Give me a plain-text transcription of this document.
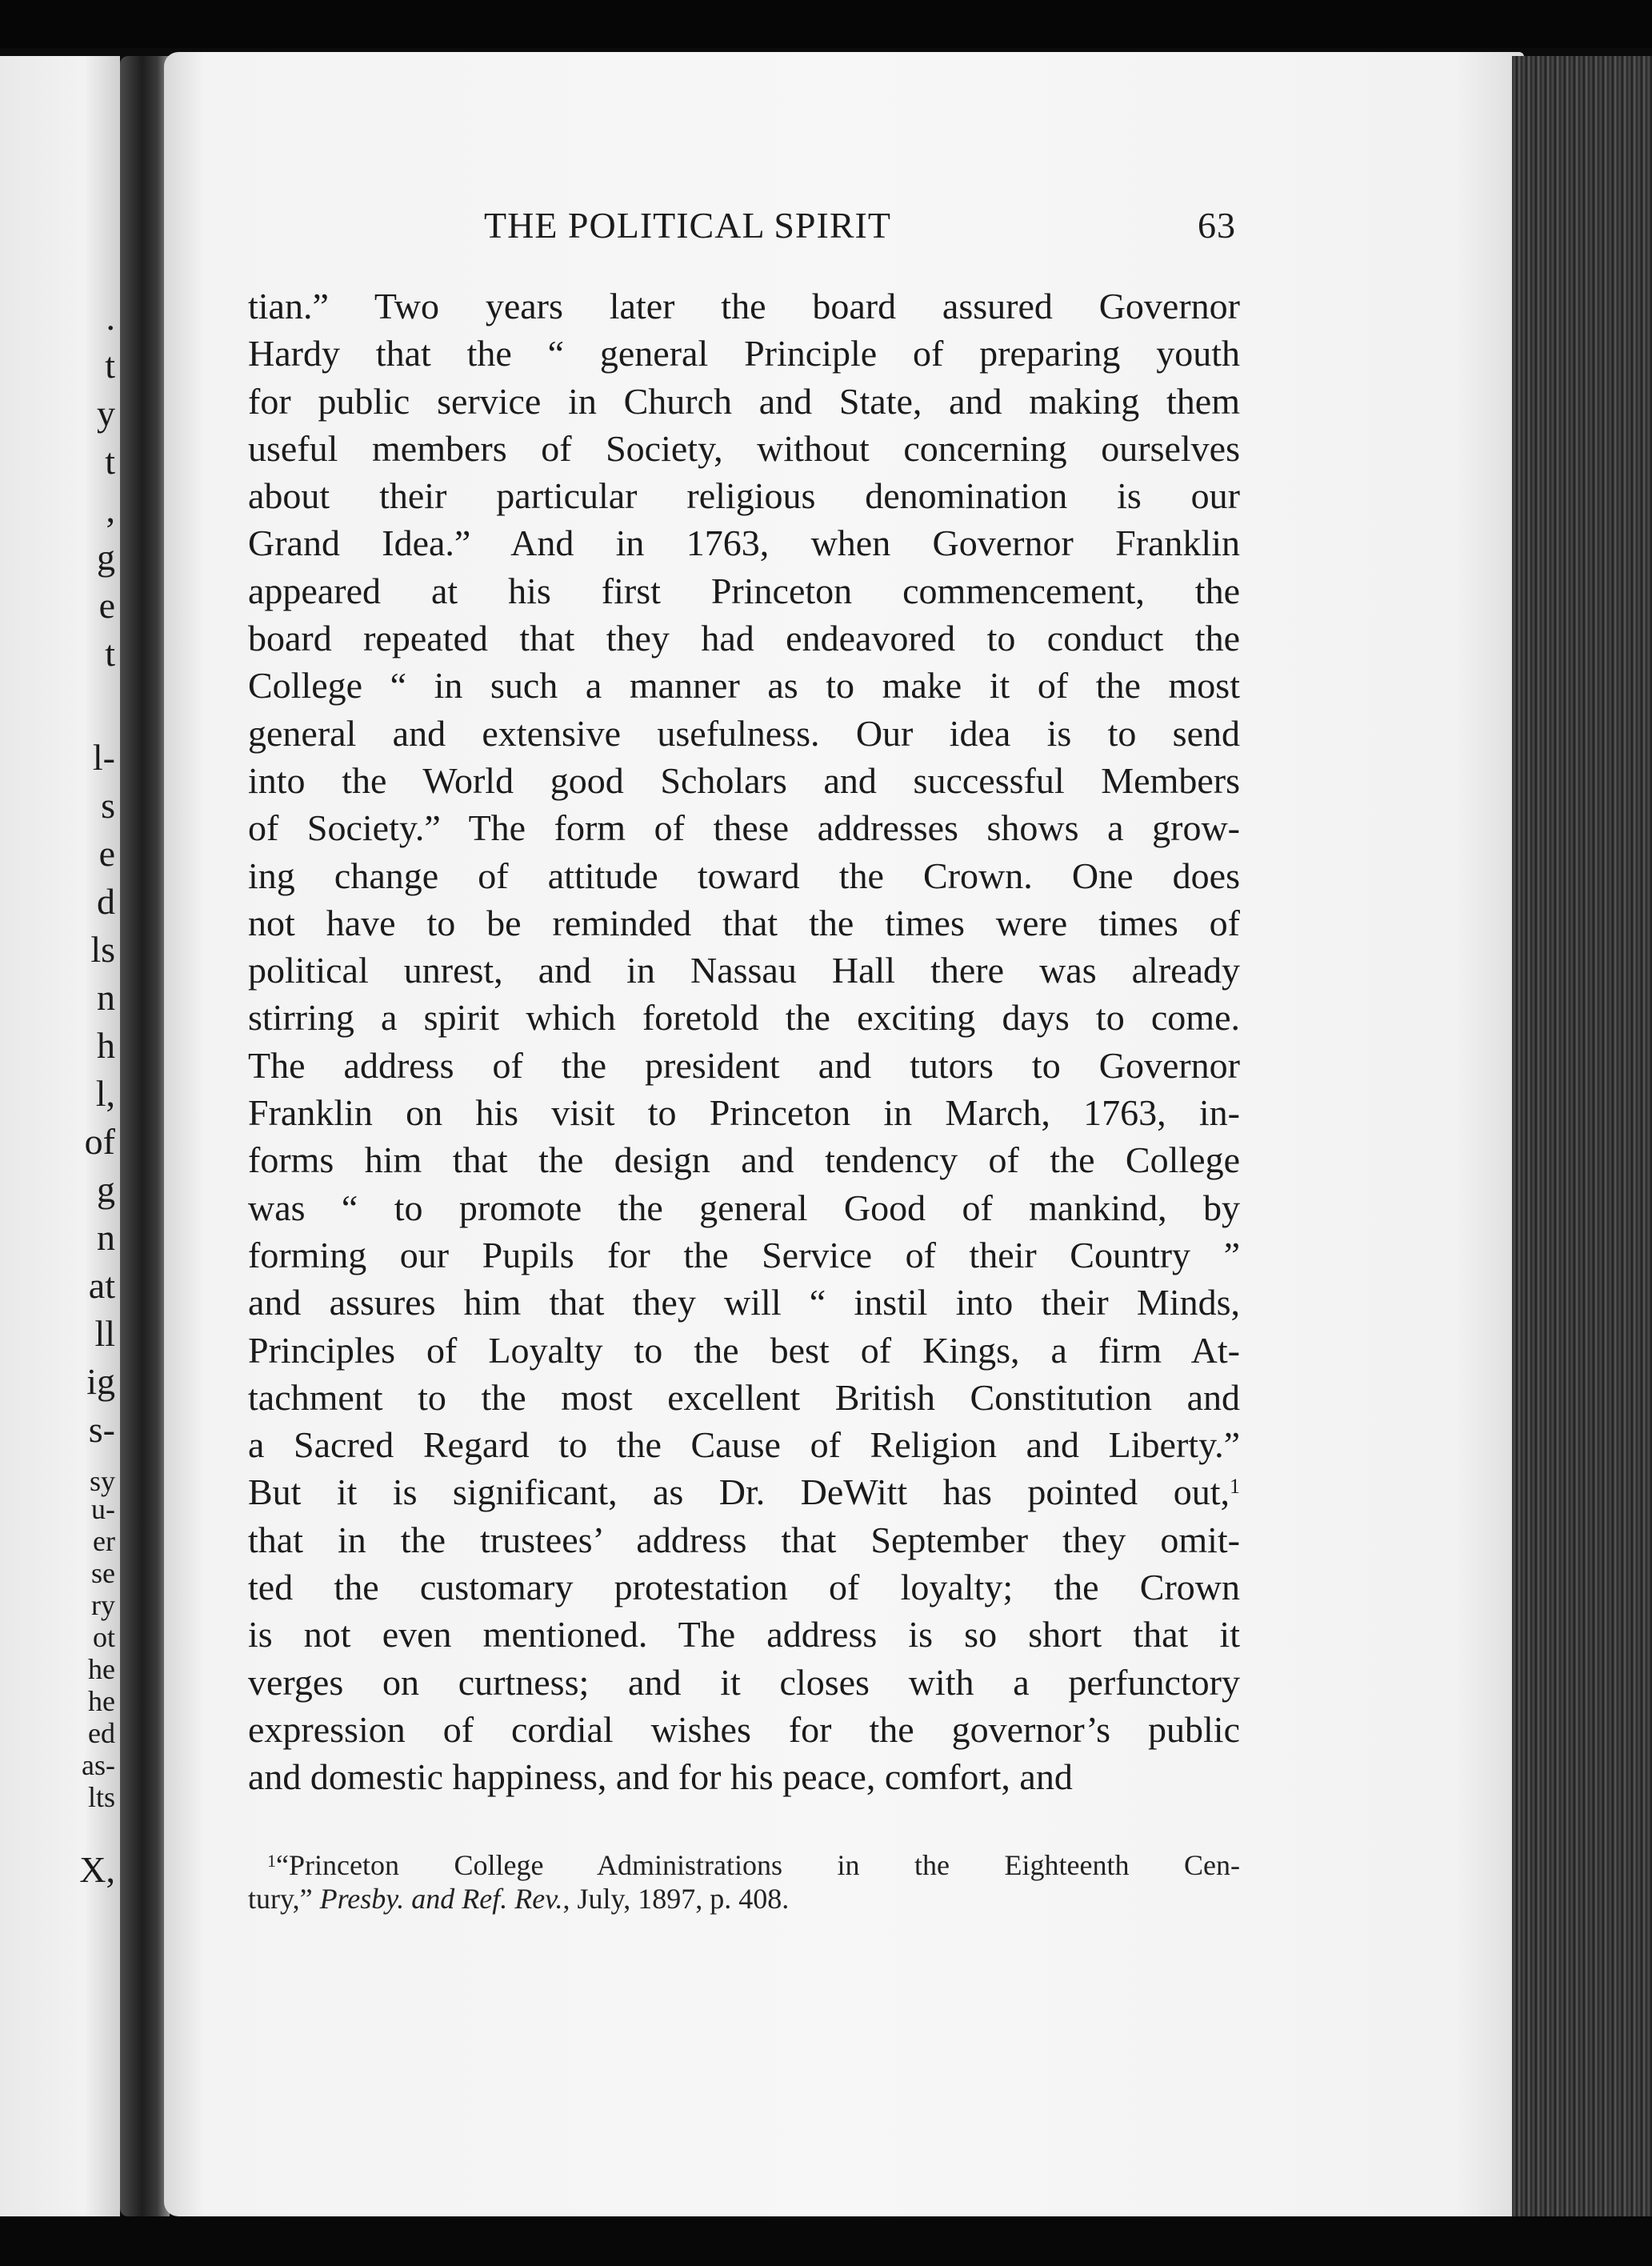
.
t
y
t
,
g
e
t
l-
s
e
d
ls
n
h
l,
of
g
n
at
ll
ig
s-
sy
u-
er
se
ry
ot
he
he
ed
as-
lts
X,
THE POLITICAL SPIRIT	63
tian.” Two years later the board assured Governor
Hardy that the “ general Principle of preparing youth
for public service in Church and State, and making them
useful members of Society, without concerning ourselves
about their particular religious denomination is our
Grand Idea.” And in 1763, when Governor Franklin
appeared at his first Princeton commencement, the
board repeated that they had endeavored to conduct the
College “ in such a manner as to make it of the most
general and extensive usefulness. Our idea is to send
into the World good Scholars and successful Members
of Society.” The form of these addresses shows a grow-
ing change of attitude toward the Crown. One does
not have to be reminded that the times were times of
political unrest, and in Nassau Hall there was already
stirring a spirit which foretold the exciting days to come.
The address of the president and tutors to Governor
Franklin on his visit to Princeton in March, 1763, in-
forms him that the design and tendency of the College
was “ to promote the general Good of mankind, by
forming our Pupils for the Service of their Country ”
and assures him that they will “ instil into their Minds,
Principles of Loyalty to the best of Kings, a firm At-
tachment to the most excellent British Constitution and
a Sacred Regard to the Cause of Religion and Liberty.”
But it is significant, as Dr. DeWitt has pointed out,$^1$
that in the trustees’ address that September they omit-
ted the customary protestation of loyalty; the Crown
is not even mentioned. The address is so short that it
verges on curtness; and it closes with a perfunctory
expression of cordial wishes for the governor’s public
and domestic happiness, and for his peace, comfort, and
$^1$“Princeton College Administrations in the Eighteenth Cen-
tury,” Presby. and Ref. Rev., July, 1897, p. 408.
